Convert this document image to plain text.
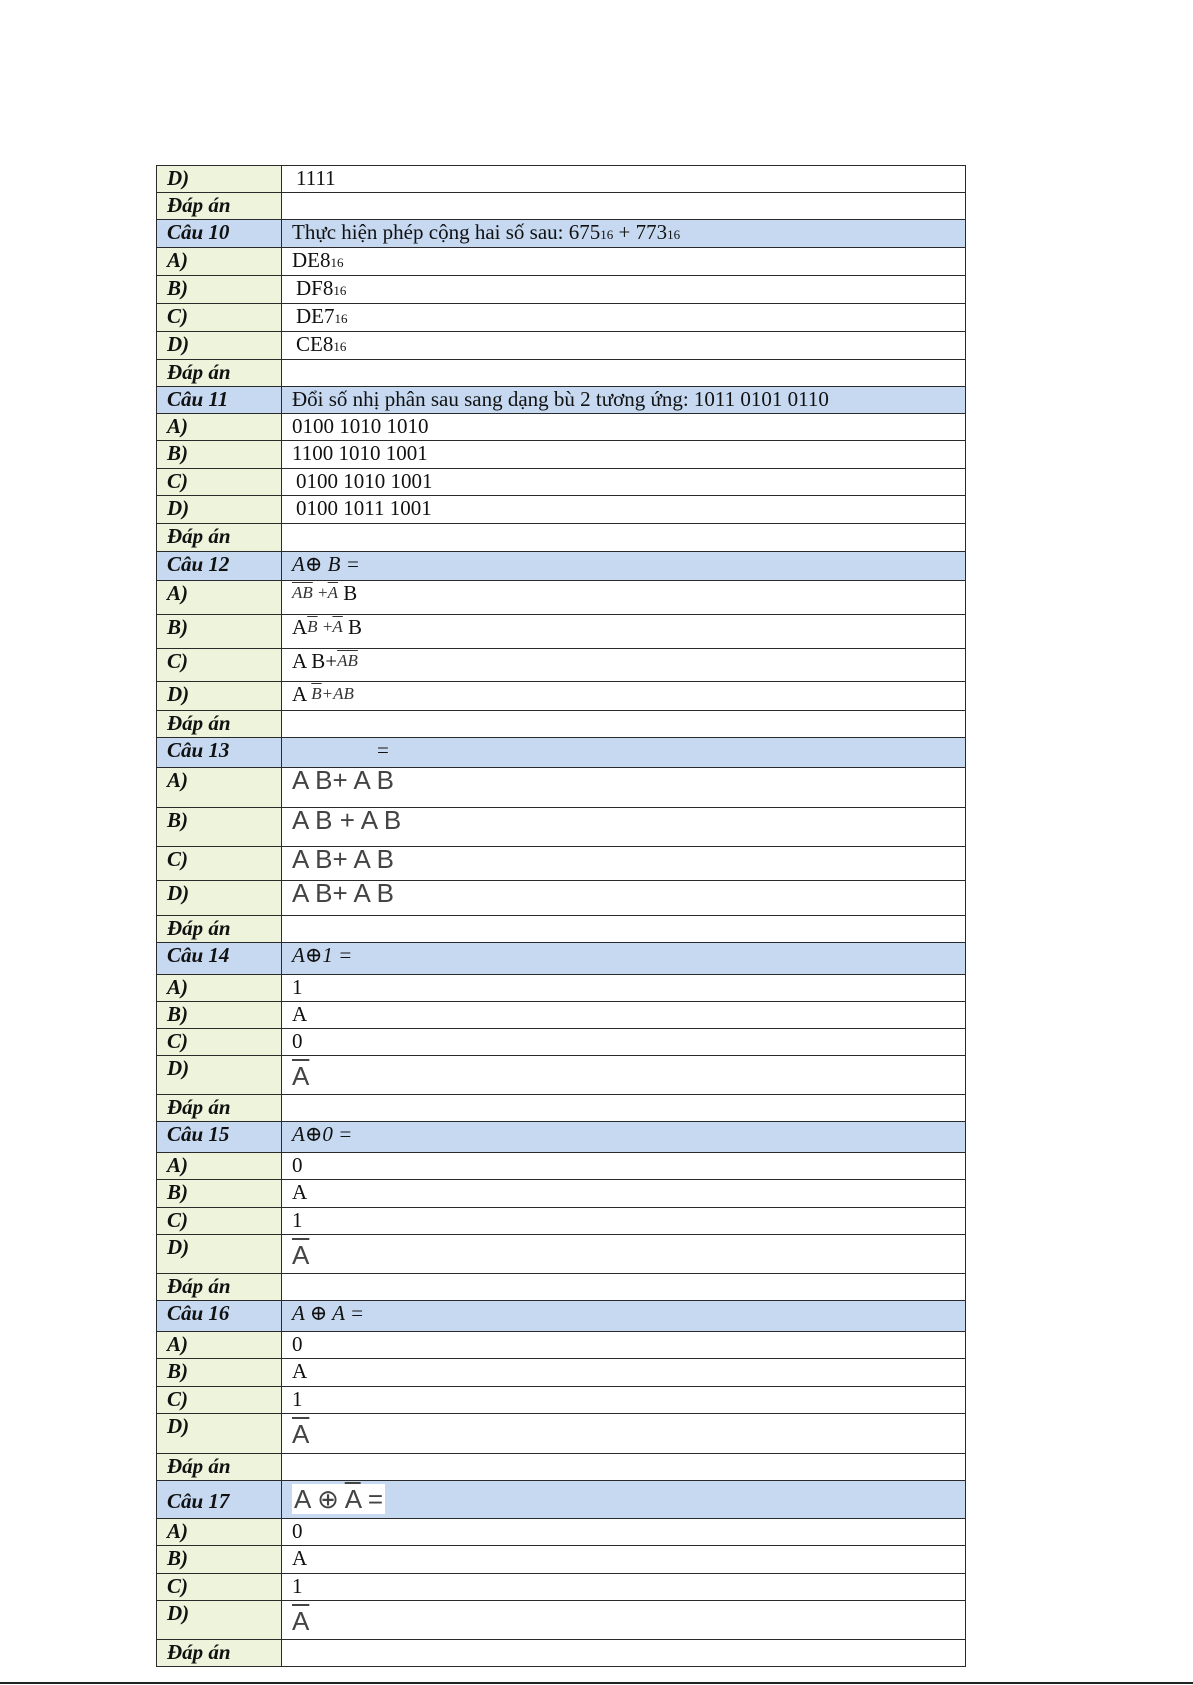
D)	1111
Đáp án	
Câu 10	Thực hiện phép cộng hai số sau: 67516 + 77316
A)	DE816
B)	DF816
C)	DE716
D)	CE816
Đáp án	
Câu 11	Đổi số nhị phân sau sang dạng bù 2 tương ứng: 1011 0101 0110
A)	0100 1010 1010
B)	1100 1010 1001
C)	0100 1010 1001
D)	0100 1011 1001
Đáp án	
Câu 12	A⊕ B =
A)	$^{\overline{AB}}$ $^{+\overline{A}}$ B
B)	$A^{\overline{B}}$ $^{+\overline{A}}$ B
C)	A B+$^{\overline{AB}}$
D)	A $^{\overline{B}+AB}$
Đáp án	
Câu 13	=
A)	A $\overline{B}+ \overline{A}$ B
B)	A $\overline{B} + \overline{A}$ $\overline{B}$
C)	A $\overline{B}+ \overline{A}$ $\overline{B}$
D)	A B+ A B
Đáp án	
Câu 14	A⊕1 =
A)	1
B)	A
C)	0
D)	$\overline{A}$
Đáp án	
Câu 15	A⊕0 =
A)	0
B)	A
C)	1
D)	$\overline{A}$
Đáp án	
Câu 16	A ⊕ A =
A)	0
B)	A
C)	1
D)	$\overline{A}$
Đáp án	
Câu 17	A ⊕ $\overline{A}$ =
A)	0
B)	A
C)	1
D)	$\overline{A}$
Đáp án	
